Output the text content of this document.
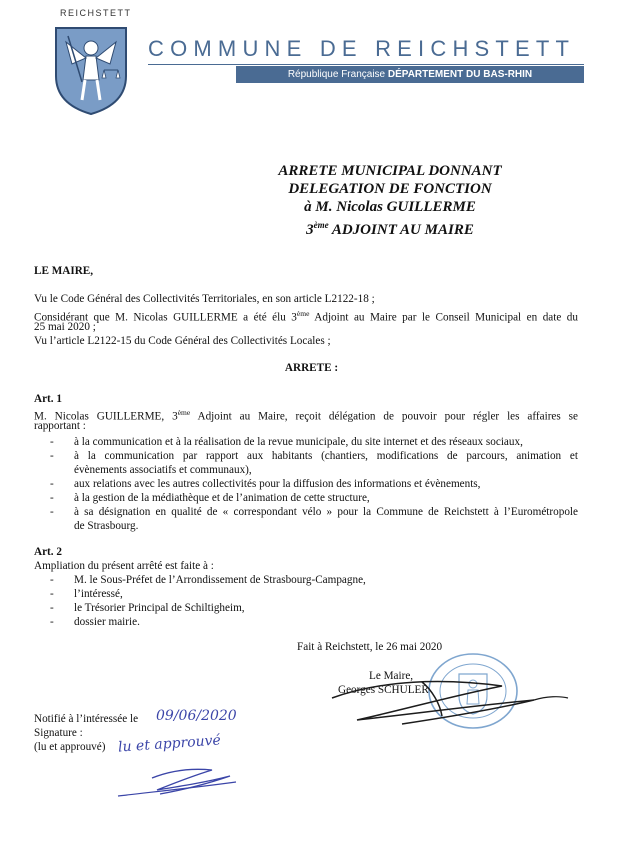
REICHSTETT
COMMUNE DE REICHSTETT
République Française DÉPARTEMENT DU BAS-RHIN
ARRETE MUNICIPAL DONNANT
DELEGATION DE FONCTION
à M. Nicolas GUILLERME
3ème ADJOINT AU MAIRE
LE MAIRE,
Vu le Code Général des Collectivités Territoriales, en son article L2122-18 ;
Considérant que M. Nicolas GUILLERME a été élu 3ème Adjoint au Maire par le Conseil Municipal en date du
25 mai 2020 ;
Vu l’article L2122-15 du Code Général des Collectivités Locales ;
ARRETE :
Art. 1
M. Nicolas GUILLERME, 3ème Adjoint au Maire, reçoit délégation de pouvoir pour régler les affaires se
rapportant :
- à la communication et à la réalisation de la revue municipale, du site internet et des réseaux sociaux,
- à la communication par rapport aux habitants (chantiers, modifications de parcours, animation et
évènements associatifs et communaux),
- aux relations avec les autres collectivités pour la diffusion des informations et évènements,
- à la gestion de la médiathèque et de l’animation de cette structure,
- à sa désignation en qualité de « correspondant vélo » pour la Commune de Reichstett à l’Eurométropole
de Strasbourg.
Art. 2
Ampliation du présent arrêté est faite à :
- M. le Sous-Préfet de l’Arrondissement de Strasbourg-Campagne,
- l’intéressé,
- le Trésorier Principal de Schiltigheim,
- dossier mairie.
Fait à Reichstett, le 26 mai 2020
Le Maire,
Georges SCHULER
Notifié à l’intéressée le 09/06/2020
Signature :
(lu et approuvé) lu et approuvé
